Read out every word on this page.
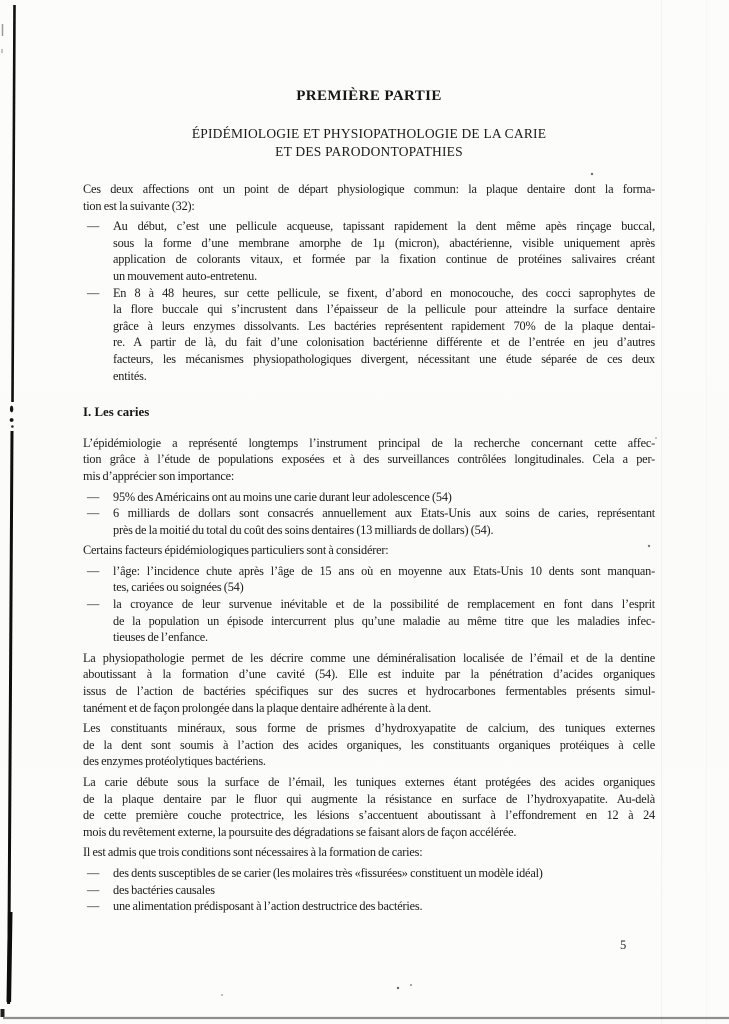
PREMIÈRE PARTIE
ÉPIDÉMIOLOGIE ET PHYSIOPATHOLOGIE DE LA CARIE
ET DES PARODONTOPATHIES
Ces deux affections ont un point de départ physiologique commun: la plaque dentaire dont la forma-
tion est la suivante (32):
—	Au début, c’est une pellicule acqueuse, tapissant rapidement la dent même apès rinçage buccal,
sous la forme d’une membrane amorphe de 1μ (micron), abactérienne, visible uniquement après
application de colorants vitaux, et formée par la fixation continue de protéines salivaires créant
un mouvement auto-entretenu.
—	En 8 à 48 heures, sur cette pellicule, se fixent, d’abord en monocouche, des cocci saprophytes de
la flore buccale qui s’incrustent dans l’épaisseur de la pellicule pour atteindre la surface dentaire
grâce à leurs enzymes dissolvants. Les bactéries représentent rapidement 70% de la plaque dentai-
re. A partir de là, du fait d’une colonisation bactérienne différente et de l’entrée en jeu d’autres
facteurs, les mécanismes physiopathologiques divergent, nécessitant une étude séparée de ces deux
entités.
I. Les caries
L’épidémiologie a représenté longtemps l’instrument principal de la recherche concernant cette affec-
tion grâce à l’étude de populations exposées et à des surveillances contrôlées longitudinales. Cela a per-
mis d’apprécier son importance:
—	95% des Américains ont au moins une carie durant leur adolescence (54)
—	6 milliards de dollars sont consacrés annuellement aux Etats-Unis aux soins de caries, représentant
près de la moitié du total du coût des soins dentaires (13 milliards de dollars) (54).
Certains facteurs épidémiologiques particuliers sont à considérer:
—	l’âge: l’incidence chute après l’âge de 15 ans où en moyenne aux Etats-Unis 10 dents sont manquan-
tes, cariées ou soignées (54)
—	la croyance de leur survenue inévitable et de la possibilité de remplacement en font dans l’esprit
de la population un épisode intercurrent plus qu’une maladie au même titre que les maladies infec-
tieuses de l’enfance.
La physiopathologie permet de les décrire comme une déminéralisation localisée de l’émail et de la dentine
aboutissant à la formation d’une cavité (54). Elle est induite par la pénétration d’acides organiques
issus de l’action de bactéries spécifiques sur des sucres et hydrocarbones fermentables présents simul-
tanément et de façon prolongée dans la plaque dentaire adhérente à la dent.
Les constituants minéraux, sous forme de prismes d’hydroxyapatite de calcium, des tuniques externes
de la dent sont soumis à l’action des acides organiques, les constituants organiques protéiques à celle
des enzymes protéolytiques bactériens.
La carie débute sous la surface de l’émail, les tuniques externes étant protégées des acides organiques
de la plaque dentaire par le fluor qui augmente la résistance en surface de l’hydroxyapatite. Au-delà
de cette première couche protectrice, les lésions s’accentuent aboutissant à l’effondrement en 12 à 24
mois du revêtement externe, la poursuite des dégradations se faisant alors de façon accélérée.
Il est admis que trois conditions sont nécessaires à la formation de caries:
—	des dents susceptibles de se carier (les molaires très «fissurées» constituent un modèle idéal)
—	des bactéries causales
—	une alimentation prédisposant à l’action destructrice des bactéries.
5
